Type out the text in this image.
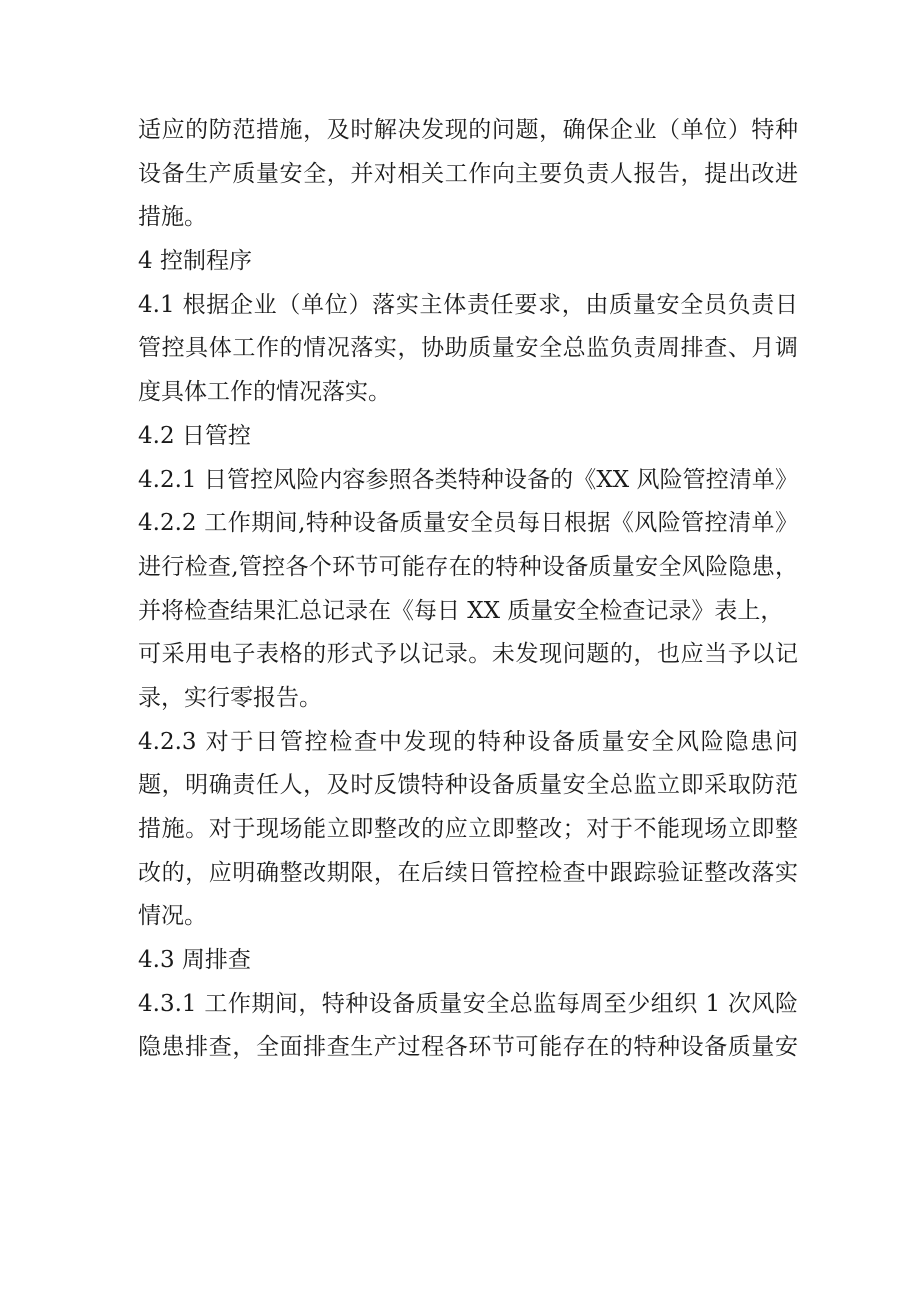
适应的防范措施，及时解决发现的问题，确保企业（单位）特种
设备生产质量安全，并对相关工作向主要负责人报告，提出改进
措施。
4 控制程序
4.1 根据企业（单位）落实主体责任要求，由质量安全员负责日
管控具体工作的情况落实，协助质量安全总监负责周排查、月调
度具体工作的情况落实。
4.2 日管控
4.2.1 日管控风险内容参照各类特种设备的《XX 风险管控清单》
4.2.2 工作期间,特种设备质量安全员每日根据《风险管控清单》
进行检查,管控各个环节可能存在的特种设备质量安全风险隐患，
并将检查结果汇总记录在《每日 XX 质量安全检查记录》表上，
可采用电子表格的形式予以记录。未发现问题的，也应当予以记
录，实行零报告。
4.2.3 对于日管控检查中发现的特种设备质量安全风险隐患问
题，明确责任人，及时反馈特种设备质量安全总监立即采取防范
措施。对于现场能立即整改的应立即整改；对于不能现场立即整
改的，应明确整改期限，在后续日管控检查中跟踪验证整改落实
情况。
4.3 周排查
4.3.1 工作期间，特种设备质量安全总监每周至少组织 1 次风险
隐患排查，全面排查生产过程各环节可能存在的特种设备质量安
